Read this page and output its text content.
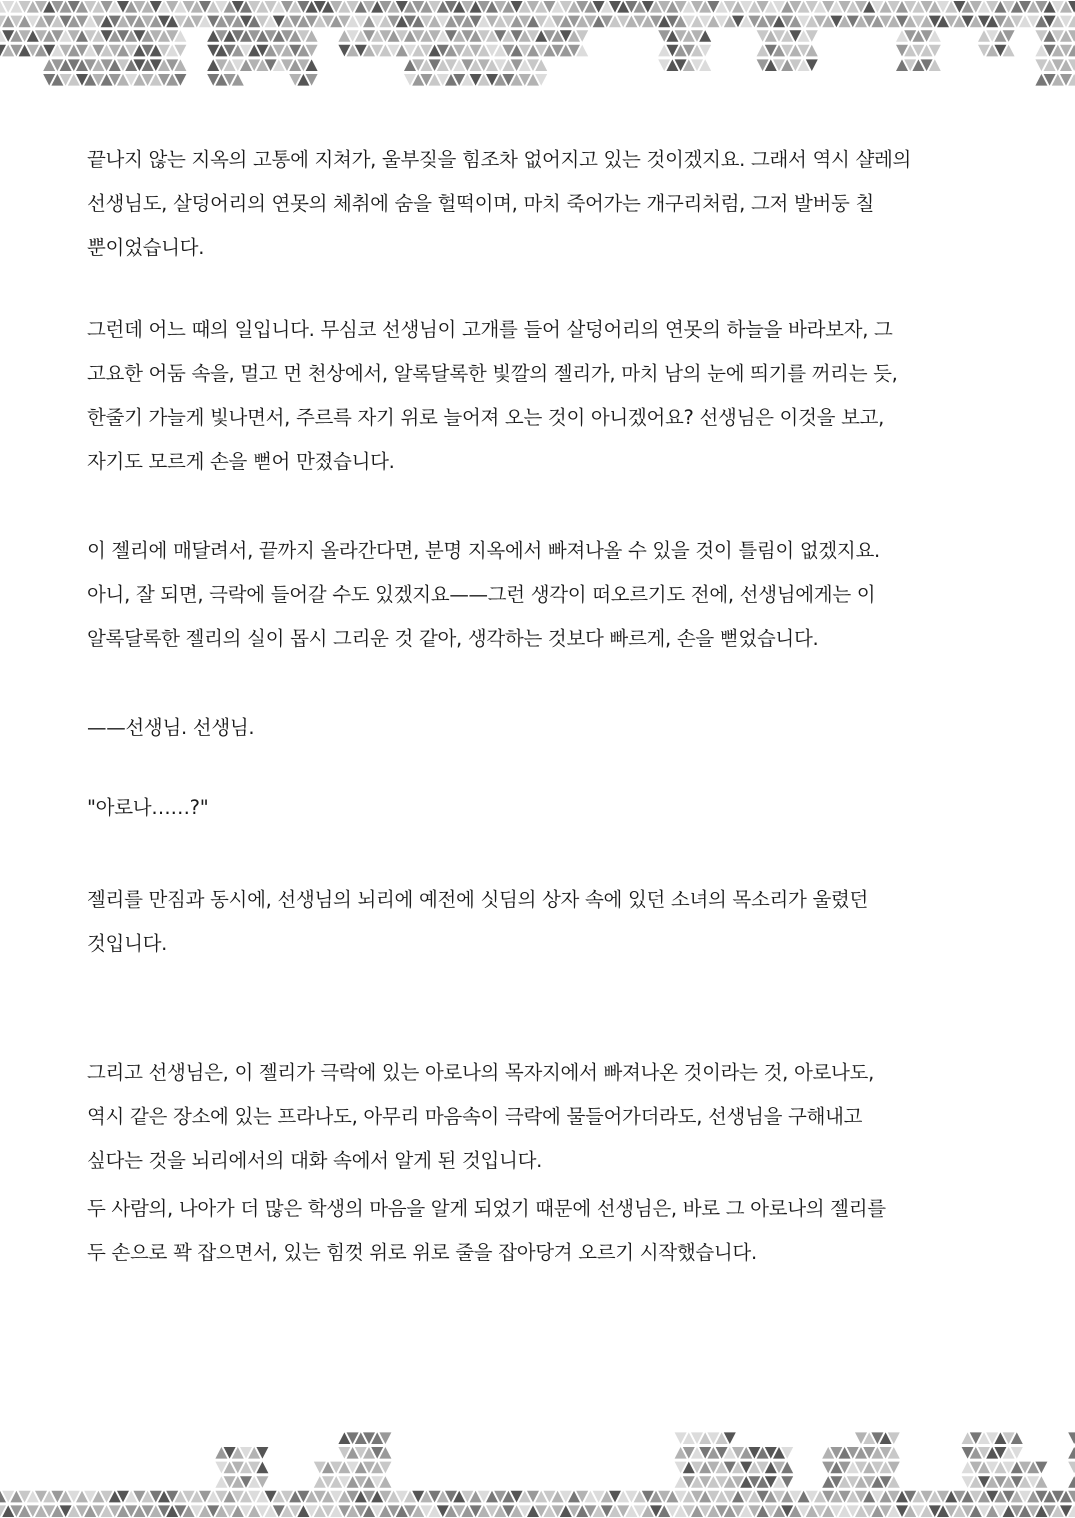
끝나지 않는 지옥의 고통에 지쳐가, 울부짖을 힘조차 없어지고 있는 것이겠지요. 그래서 역시 샬레의
선생님도, 살덩어리의 연못의 체취에 숨을 헐떡이며, 마치 죽어가는 개구리처럼, 그저 발버둥 칠
뿐이었습니다.
그런데 어느 때의 일입니다. 무심코 선생님이 고개를 들어 살덩어리의 연못의 하늘을 바라보자, 그
고요한 어둠 속을, 멀고 먼 천상에서, 알록달록한 빛깔의 젤리가, 마치 남의 눈에 띄기를 꺼리는 듯,
한줄기 가늘게 빛나면서, 주르륵 자기 위로 늘어져 오는 것이 아니겠어요? 선생님은 이것을 보고,
자기도 모르게 손을 뻗어 만졌습니다.
이 젤리에 매달려서, 끝까지 올라간다면, 분명 지옥에서 빠져나올 수 있을 것이 틀림이 없겠지요.
아니, 잘 되면, 극락에 들어갈 수도 있겠지요——그런 생각이 떠오르기도 전에, 선생님에게는 이
알록달록한 젤리의 실이 몹시 그리운 것 같아, 생각하는 것보다 빠르게, 손을 뻗었습니다.
——선생님. 선생님.
"아로나……?"
젤리를 만짐과 동시에, 선생님의 뇌리에 예전에 싯딤의 상자 속에 있던 소녀의 목소리가 울렸던
것입니다.
그리고 선생님은, 이 젤리가 극락에 있는 아로나의 목자지에서 빠져나온 것이라는 것, 아로나도,
역시 같은 장소에 있는 프라나도, 아무리 마음속이 극락에 물들어가더라도, 선생님을 구해내고
싶다는 것을 뇌리에서의 대화 속에서 알게 된 것입니다.
두 사람의, 나아가 더 많은 학생의 마음을 알게 되었기 때문에 선생님은, 바로 그 아로나의 젤리를
두 손으로 꽉 잡으면서, 있는 힘껏 위로 위로 줄을 잡아당겨 오르기 시작했습니다.
